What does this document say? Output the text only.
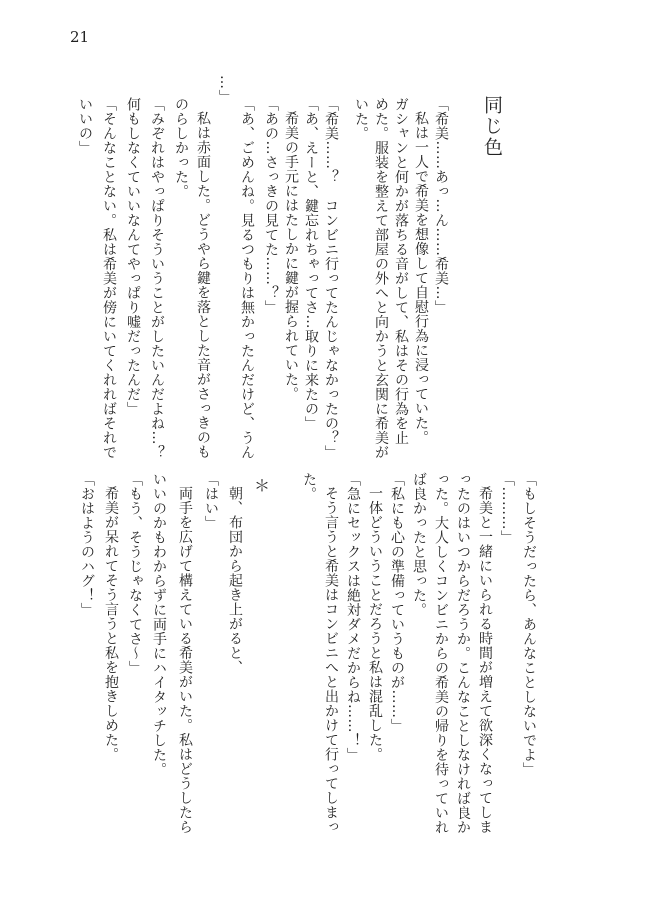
21
同じ色
「希美……あっ…ん……希美…」
私は一人で希美を想像して自慰行為に浸っていた。
ガシャンと何かが落ちる音がして、私はその行為を止
めた。服装を整えて部屋の外へと向かうと玄関に希美が
いた。
「希美……？　コンビニ行ってたんじゃなかったの？」
「あ、えーと、鍵忘れちゃってさ…取りに来たの」
希美の手元にはたしかに鍵が握られていた。
「あの…さっきの見てた……？」
「あ、ごめんね。見るつもりは無かったんだけど、うん
…」
私は赤面した。どうやら鍵を落とした音がさっきのも
のらしかった。
「みぞれはやっぱりそういうことがしたいんだよね…？
何もしなくていいなんてやっぱり嘘だったんだ」
「そんなことない。私は希美が傍にいてくれればそれで
いいの」
「もしそうだったら、あんなことしないでよ」
「………」
希美と一緒にいられる時間が増えて欲深くなってしま
ったのはいつからだろうか。こんなことしなければ良か
った。大人しくコンビニからの希美の帰りを待っていれ
ば良かったと思った。
「私にも心の準備っていうものが……」
一体どういうことだろうと私は混乱した。
「急にセックスは絶対ダメだからね……！」
そう言うと希美はコンビニへと出かけて行ってしまっ
た。
＊
朝、布団から起き上がると、
「はい」
両手を広げて構えている希美がいた。私はどうしたら
いいのかもわからずに両手にハイタッチした。
「もう、そうじゃなくてさ～」
希美が呆れてそう言うと私を抱きしめた。
「おはようのハグ！」
